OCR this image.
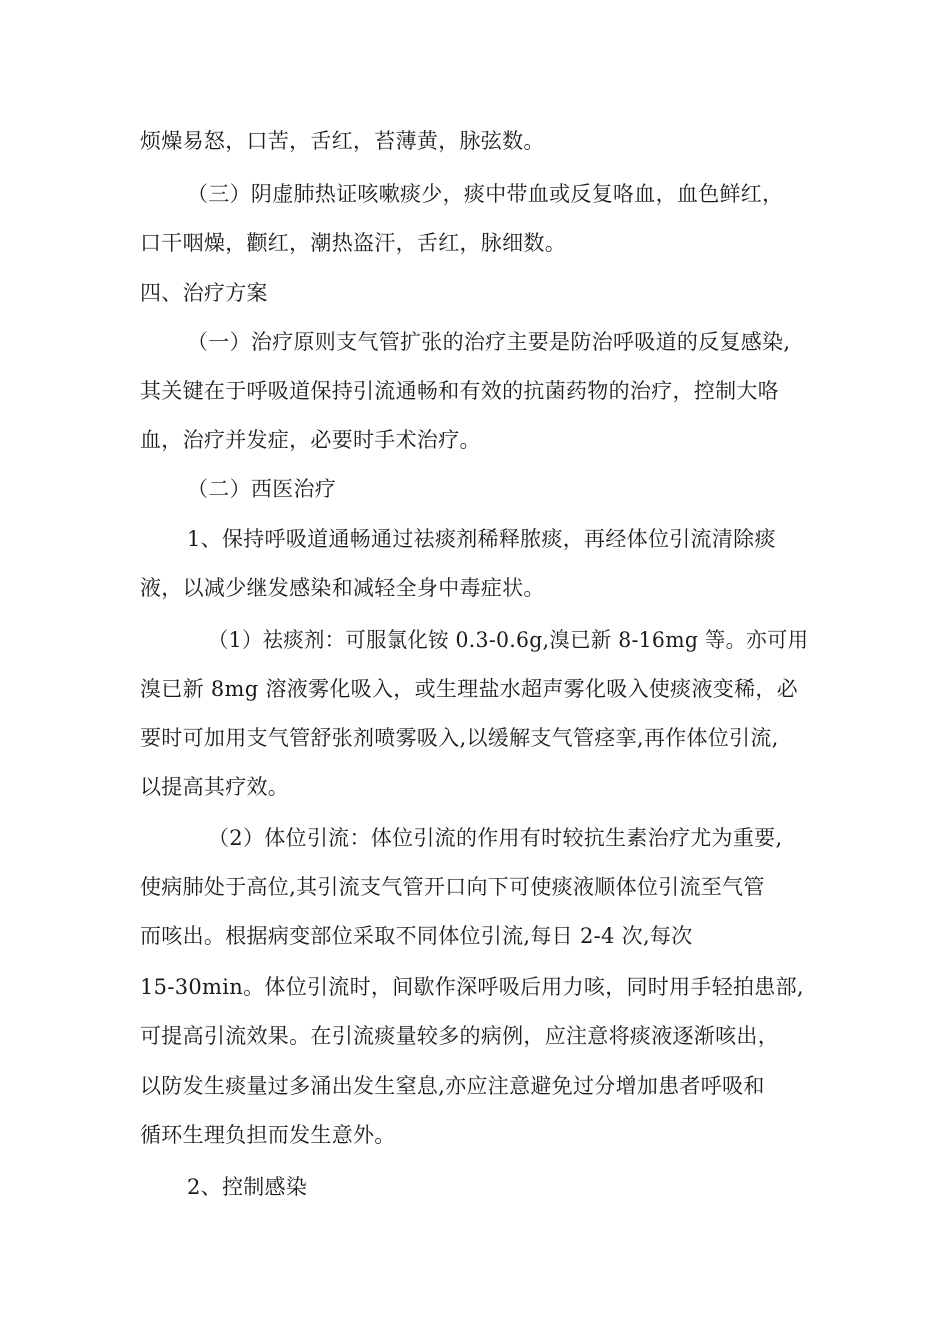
烦燥易怒，口苦，舌红，苔薄黄，脉弦数。
（三）阴虚肺热证咳嗽痰少，痰中带血或反复咯血，血色鲜红，
口干咽燥，颧红，潮热盗汗，舌红，脉细数。
四、治疗方案
（一）治疗原则支气管扩张的治疗主要是防治呼吸道的反复感染,
其关键在于呼吸道保持引流通畅和有效的抗菌药物的治疗，控制大咯
血，治疗并发症，必要时手术治疗。
（二）西医治疗
1、保持呼吸道通畅通过祛痰剂稀释脓痰，再经体位引流清除痰
液，以减少继发感染和减轻全身中毒症状。
（1）祛痰剂：可服氯化铵 0.3-0.6g,溴已新 8-16mg 等。亦可用
溴已新 8mg 溶液雾化吸入，或生理盐水超声雾化吸入使痰液变稀，必
要时可加用支气管舒张剂喷雾吸入,以缓解支气管痉挛,再作体位引流,
以提高其疗效。
（2）体位引流：体位引流的作用有时较抗生素治疗尤为重要,
使病肺处于高位,其引流支气管开口向下可使痰液顺体位引流至气管
而咳出。根据病变部位采取不同体位引流,每日 2-4 次,每次
15-30min。体位引流时，间歇作深呼吸后用力咳，同时用手轻拍患部,
可提高引流效果。在引流痰量较多的病例，应注意将痰液逐渐咳出，
以防发生痰量过多涌出发生窒息,亦应注意避免过分增加患者呼吸和
循环生理负担而发生意外。
2、控制感染
